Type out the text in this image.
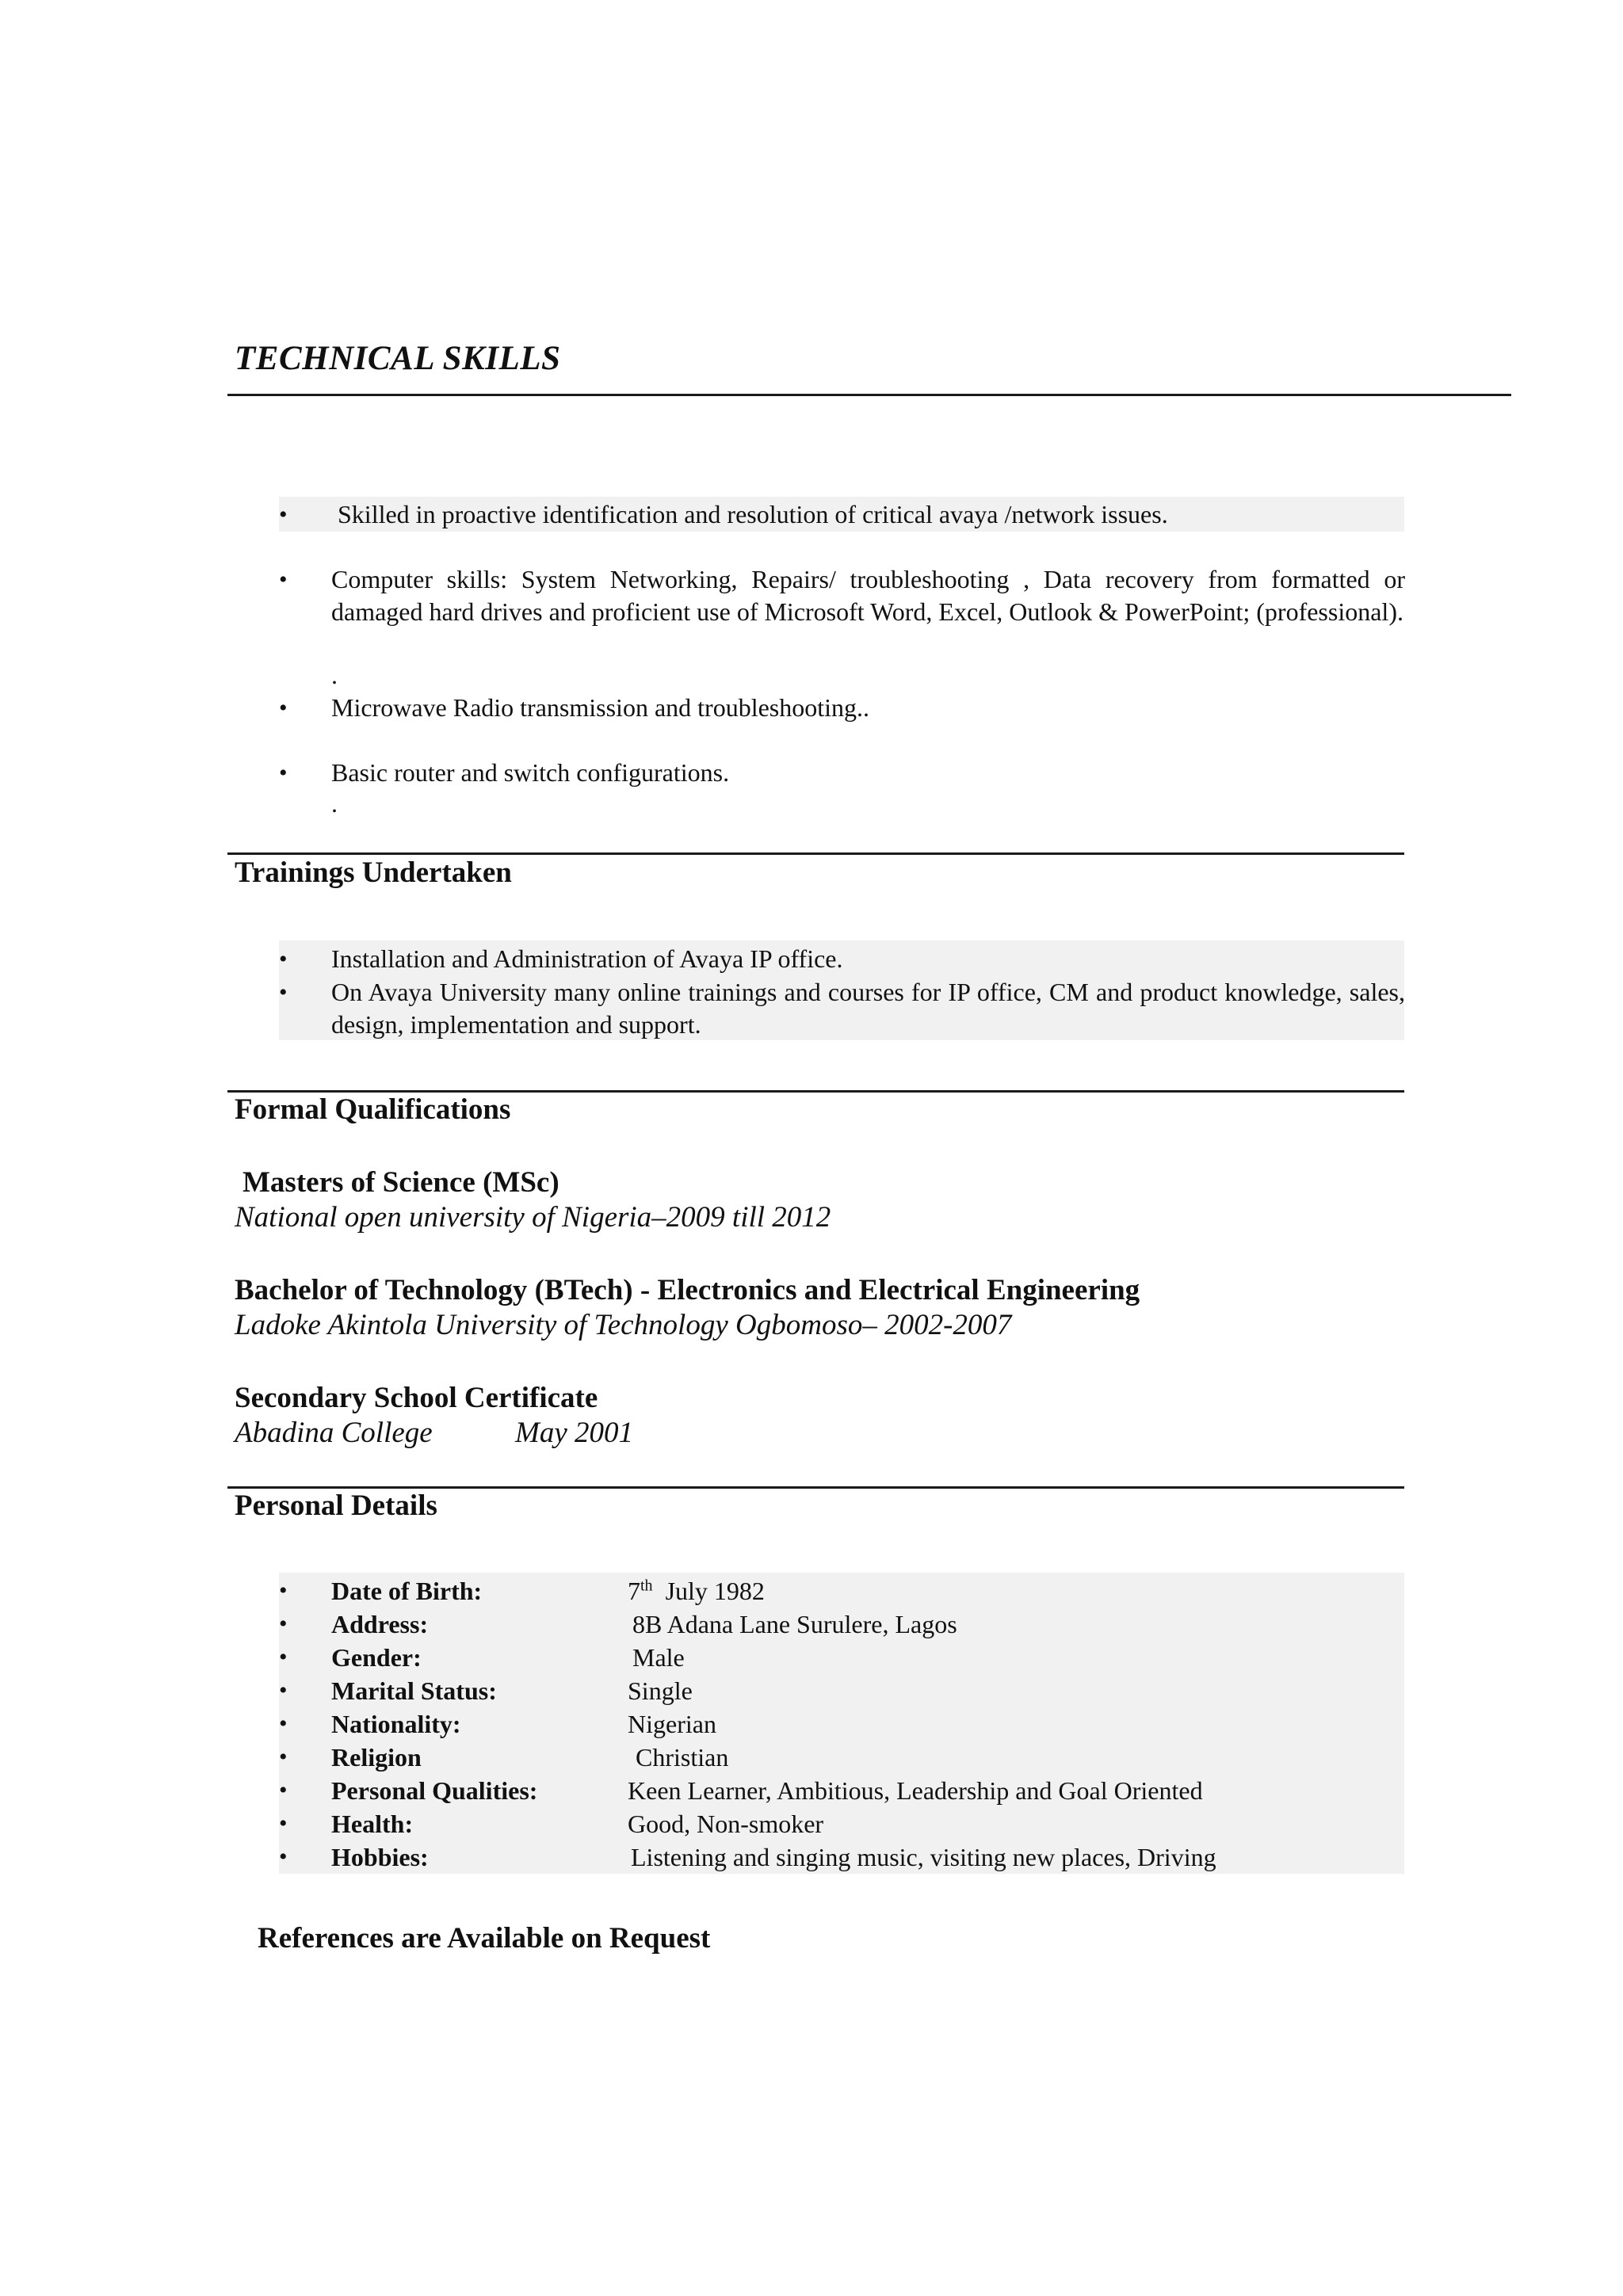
TECHNICAL SKILLS
• Skilled in proactive identification and resolution of critical avaya /network issues.
• Computer skills: System Networking, Repairs/ troubleshooting , Data recovery from formatted or damaged hard drives and proficient use of Microsoft Word, Excel, Outlook & PowerPoint; (professional).
.
• Microwave Radio transmission and troubleshooting..
• Basic router and switch configurations.
.
Trainings Undertaken
• Installation and Administration of Avaya IP office.
• On Avaya University many online trainings and courses for IP office, CM and product knowledge, sales, design, implementation and support.
Formal Qualifications
Masters of Science (MSc)
National open university of Nigeria–2009 till 2012
Bachelor of Technology (BTech) - Electronics and Electrical Engineering
Ladoke Akintola University of Technology Ogbomoso– 2002-2007
Secondary School Certificate
Abadina College	May 2001
Personal Details
• Date of Birth:	7th July 1982
• Address:	8B Adana Lane Surulere, Lagos
• Gender:	Male
• Marital Status:	Single
• Nationality:	Nigerian
• Religion	Christian
• Personal Qualities:	Keen Learner, Ambitious, Leadership and Goal Oriented
• Health:	Good, Non-smoker
• Hobbies:	Listening and singing music, visiting new places, Driving
References are Available on Request
